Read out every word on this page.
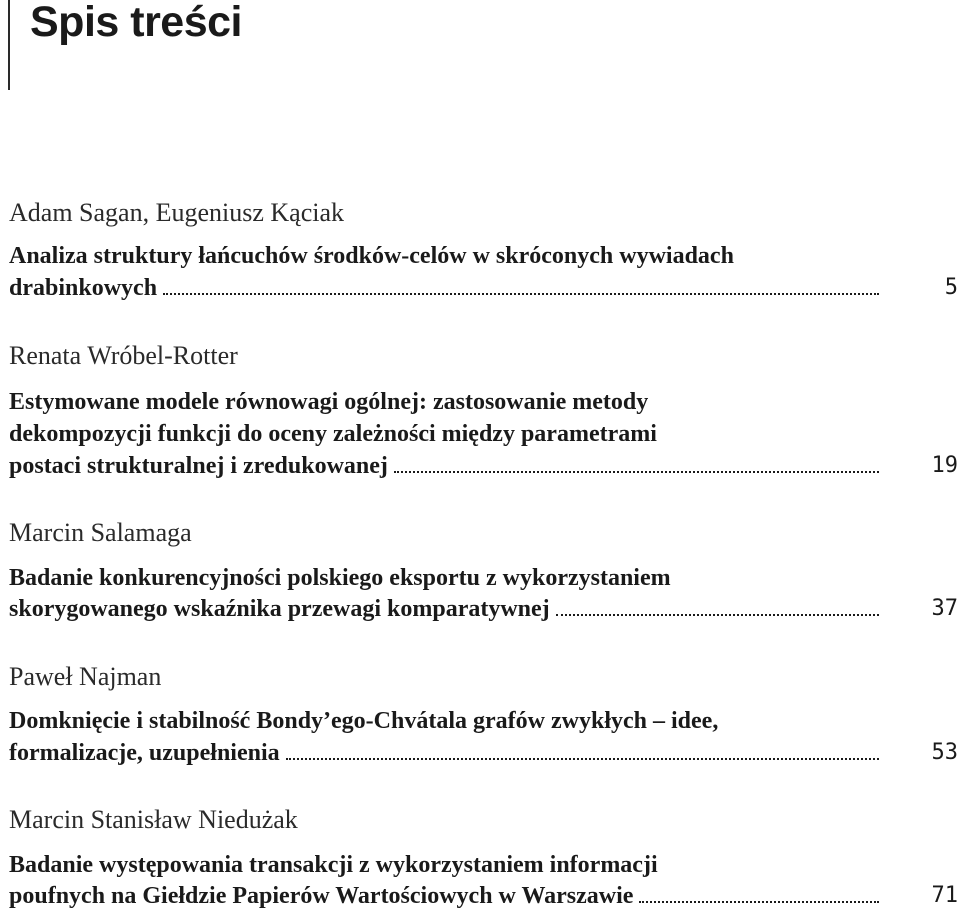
Spis treści
Adam Sagan, Eugeniusz Kąciak
Analiza struktury łańcuchów środków-celów w skróconych wywiadach
drabinkowych	5
Renata Wróbel-Rotter
Estymowane modele równowagi ogólnej: zastosowanie metody
dekompozycji funkcji do oceny zależności między parametrami
postaci strukturalnej i zredukowanej	19
Marcin Salamaga
Badanie konkurencyjności polskiego eksportu z wykorzystaniem
skorygowanego wskaźnika przewagi komparatywnej	37
Paweł Najman
Domknięcie i stabilność Bondy’ego-Chvátala grafów zwykłych – idee,
formalizacje, uzupełnienia	53
Marcin Stanisław Niedużak
Badanie występowania transakcji z wykorzystaniem informacji
poufnych na Giełdzie Papierów Wartościowych w Warszawie	71
